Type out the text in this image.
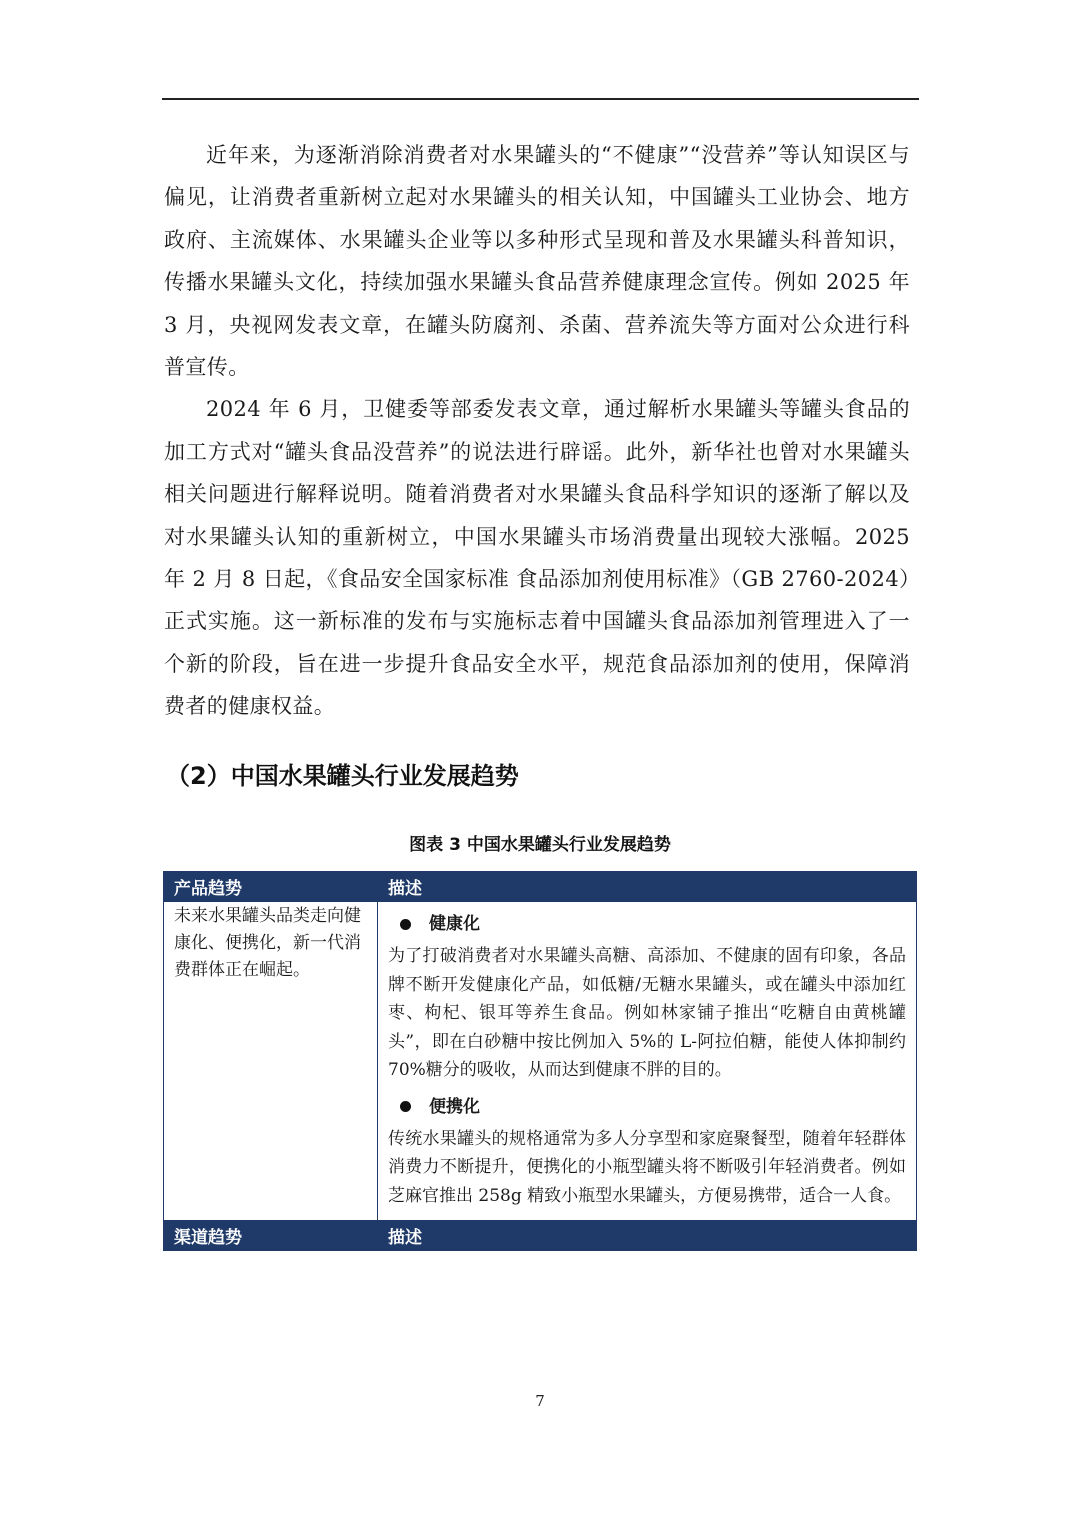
近年来，为逐渐消除消费者对水果罐头的“不健康”“没营养”等认知误区与偏见，让消费者重新树立起对水果罐头的相关认知，中国罐头工业协会、地方政府、主流媒体、水果罐头企业等以多种形式呈现和普及水果罐头科普知识，传播水果罐头文化，持续加强水果罐头食品营养健康理念宣传。例如 2025 年 3 月，央视网发表文章，在罐头防腐剂、杀菌、营养流失等方面对公众进行科普宣传。

2024 年 6 月，卫健委等部委发表文章，通过解析水果罐头等罐头食品的加工方式对“罐头食品没营养”的说法进行辟谣。此外，新华社也曾对水果罐头相关问题进行解释说明。随着消费者对水果罐头食品科学知识的逐渐了解以及对水果罐头认知的重新树立，中国水果罐头市场消费量出现较大涨幅。2025 年 2 月 8 日起，《食品安全国家标准 食品添加剂使用标准》（GB 2760-2024）正式实施。这一新标准的发布与实施标志着中国罐头食品添加剂管理进入了一个新的阶段，旨在进一步提升食品安全水平，规范食品添加剂的使用，保障消费者的健康权益。

（2）中国水果罐头行业发展趋势
图表 3 中国水果罐头行业发展趋势
产品趋势	描述
未来水果罐头品类走向健康化、便携化，新一代消费群体正在崛起。	健康化

为了打破消费者对水果罐头高糖、高添加、不健康的固有印象，各品牌不断开发健康化产品，如低糖/无糖水果罐头，或在罐头中添加红枣、枸杞、银耳等养生食品。例如林家铺子推出“吃糖自由黄桃罐头”，即在白砂糖中按比例加入 5%的 L-阿拉伯糖，能使人体抑制约 70%糖分的吸收，从而达到健康不胖的目的。

便携化

传统水果罐头的规格通常为多人分享型和家庭聚餐型，随着年轻群体消费力不断提升，便携化的小瓶型罐头将不断吸引年轻消费者。例如芝麻官推出 258g 精致小瓶型水果罐头，方便易携带，适合一人食。

渠道趋势	描述
7
